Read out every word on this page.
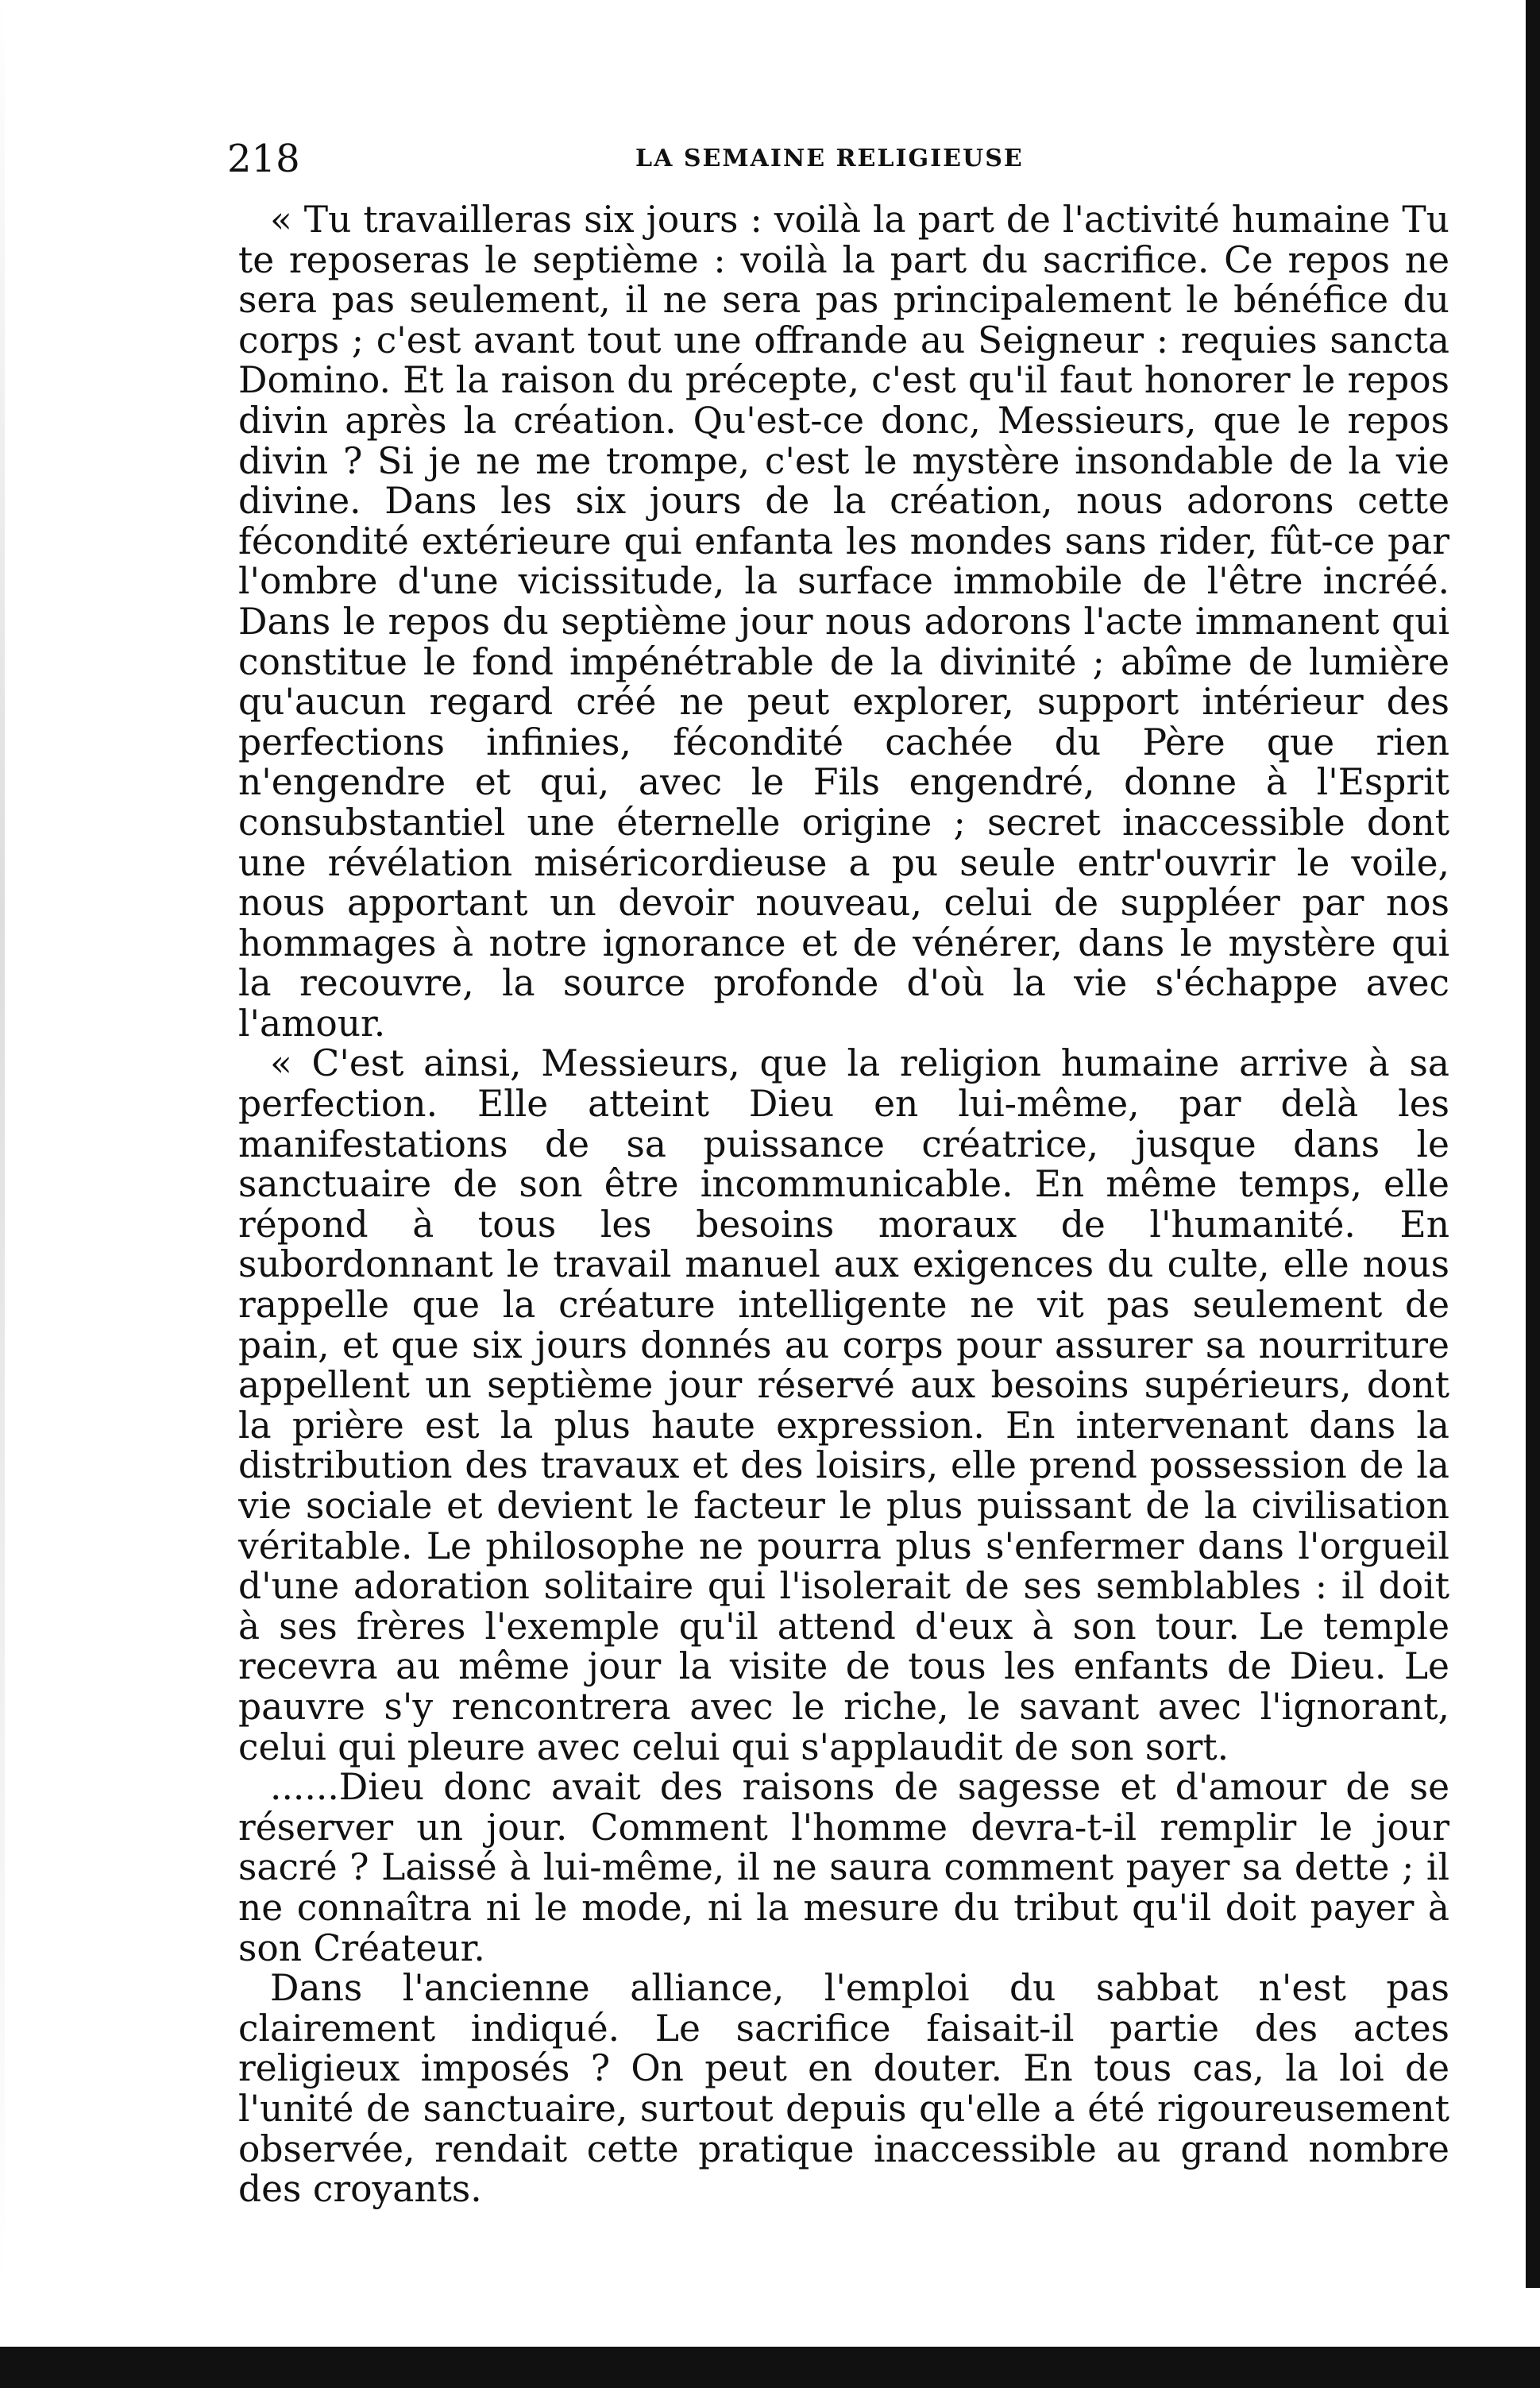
218	LA SEMAINE RELIGIEUSE

« Tu travailleras six jours : voilà la part de l'activité humaine Tu te reposeras le septième : voilà la part du sacrifice. Ce repos ne sera pas seulement, il ne sera pas principalement le bénéfice du corps ; c'est avant tout une offrande au Seigneur : requies sancta Domino. Et la raison du précepte, c'est qu'il faut honorer le repos divin après la création. Qu'est-ce donc, Messieurs, que le repos divin ? Si je ne me trompe, c'est le mystère insondable de la vie divine. Dans les six jours de la création, nous adorons cette fécondité extérieure qui enfanta les mondes sans rider, fût-ce par l'ombre d'une vicissitude, la surface immobile de l'être incréé. Dans le repos du septième jour nous adorons l'acte immanent qui constitue le fond impénétrable de la divinité ; abîme de lumière qu'aucun regard créé ne peut explorer, support intérieur des perfections infinies, fécondité cachée du Père que rien n'engendre et qui, avec le Fils engendré, donne à l'Esprit consubstantiel une éternelle origine ; secret inaccessible dont une révélation miséricordieuse a pu seule entr'ouvrir le voile, nous apportant un devoir nouveau, celui de suppléer par nos hommages à notre ignorance et de vénérer, dans le mystère qui la recouvre, la source profonde d'où la vie s'échappe avec l'amour.

« C'est ainsi, Messieurs, que la religion humaine arrive à sa perfection. Elle atteint Dieu en lui-même, par delà les manifestations de sa puissance créatrice, jusque dans le sanctuaire de son être incommunicable. En même temps, elle répond à tous les besoins moraux de l'humanité. En subordonnant le travail manuel aux exigences du culte, elle nous rappelle que la créature intelligente ne vit pas seulement de pain, et que six jours donnés au corps pour assurer sa nourriture appellent un septième jour réservé aux besoins supérieurs, dont la prière est la plus haute expression. En intervenant dans la distribution des travaux et des loisirs, elle prend possession de la vie sociale et devient le facteur le plus puissant de la civilisation véritable. Le philosophe ne pourra plus s'enfermer dans l'orgueil d'une adoration solitaire qui l'isolerait de ses semblables : il doit à ses frères l'exemple qu'il attend d'eux à son tour. Le temple recevra au même jour la visite de tous les enfants de Dieu. Le pauvre s'y rencontrera avec le riche, le savant avec l'ignorant, celui qui pleure avec celui qui s'applaudit de son sort.

......Dieu donc avait des raisons de sagesse et d'amour de se réserver un jour. Comment l'homme devra-t-il remplir le jour sacré ? Laissé à lui-même, il ne saura comment payer sa dette ; il ne connaîtra ni le mode, ni la mesure du tribut qu'il doit payer à son Créateur.

Dans l'ancienne alliance, l'emploi du sabbat n'est pas clairement indiqué. Le sacrifice faisait-il partie des actes religieux imposés ? On peut en douter. En tous cas, la loi de l'unité de sanctuaire, surtout depuis qu'elle a été rigoureusement observée, rendait cette pratique inaccessible au grand nombre des croyants.
